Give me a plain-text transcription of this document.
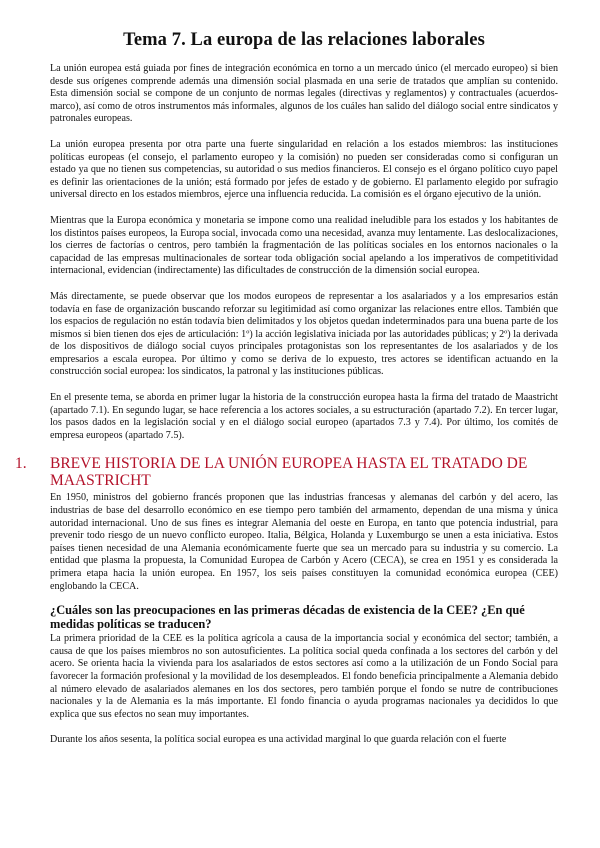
Tema 7. La europa de las relaciones laborales

La unión europea está guiada por fines de integración económica en torno a un mercado único (el mercado europeo) si bien desde sus orígenes comprende además una dimensión social plasmada en una serie de tratados que amplían su contenido. Esta dimensión social se compone de un conjunto de normas legales (directivas y reglamentos) y contractuales (acuerdos-marco), así como de otros instrumentos más informales, algunos de los cuáles han salido del diálogo social entre sindicatos y patronales europeas.

La unión europea presenta por otra parte una fuerte singularidad en relación a los estados miembros: las instituciones políticas europeas (el consejo, el parlamento europeo y la comisión) no pueden ser consideradas como si configuran un estado ya que no tienen sus competencias, su autoridad o sus medios financieros. El consejo es el órgano político cuyo papel es definir las orientaciones de la unión; está formado por jefes de estado y de gobierno. El parlamento elegido por sufragio universal directo en los estados miembros, ejerce una influencia reducida. La comisión es el órgano ejecutivo de la unión.

Mientras que la Europa económica y monetaria se impone como una realidad ineludible para los estados y los habitantes de los distintos países europeos, la Europa social, invocada como una necesidad, avanza muy lentamente. Las deslocalizaciones, los cierres de factorías o centros, pero también la fragmentación de las políticas sociales en los entornos nacionales o la capacidad de las empresas multinacionales de sortear toda obligación social apelando a los imperativos de competitividad internacional, evidencian (indirectamente) las dificultades de construcción de la dimensión social europea.

Más directamente, se puede observar que los modos europeos de representar a los asalariados y a los empresarios están todavía en fase de organización buscando reforzar su legitimidad así como organizar las relaciones entre ellos. También que los espacios de regulación no están todavía bien delimitados y los objetos quedan indeterminados para una buena parte de los mismos si bien tienen dos ejes de articulación: 1º) la acción legislativa iniciada por las autoridades públicas; y 2º) la derivada de los dispositivos de diálogo social cuyos principales protagonistas son los representantes de los asalariados y de los empresarios a escala europea. Por último y como se deriva de lo expuesto, tres actores se identifican actuando en la construcción social europea: los sindicatos, la patronal y las instituciones públicas.

En el presente tema, se aborda en primer lugar la historia de la construcción europea hasta la firma del tratado de Maastricht (apartado 7.1). En segundo lugar, se hace referencia a los actores sociales, a su estructuración (apartado 7.2). En tercer lugar, los pasos dados en la legislación social y en el diálogo social europeo (apartados 7.3 y 7.4). Por último, los comités de empresa europeos (apartado 7.5).

1.	BREVE HISTORIA DE LA UNIÓN EUROPEA HASTA EL TRATADO DE MAASTRICHT

En 1950, ministros del gobierno francés proponen que las industrias francesas y alemanas del carbón y del acero, las industrias de base del desarrollo económico en ese tiempo pero también del armamento, dependan de una misma y única autoridad internacional. Uno de sus fines es integrar Alemania del oeste en Europa, en tanto que potencia industrial, para prevenir todo riesgo de un nuevo conflicto europeo. Italia, Bélgica, Holanda y Luxemburgo se unen a esta iniciativa. Estos países tienen necesidad de una Alemania económicamente fuerte que sea un mercado para su industria y su comercio. La entidad que plasma la propuesta, la Comunidad Europea de Carbón y Acero (CECA), se crea en 1951 y es considerada la primera etapa hacia la unión europea. En 1957, los seis países constituyen la comunidad económica europea (CEE) englobando la CECA.

¿Cuáles son las preocupaciones en las primeras décadas de existencia de la CEE? ¿En qué medidas políticas se traducen?

La primera prioridad de la CEE es la política agrícola a causa de la importancia social y económica del sector; también, a causa de que los países miembros no son autosuficientes. La política social queda confinada a los sectores del carbón y del acero. Se orienta hacia la vivienda para los asalariados de estos sectores así como a la utilización de un Fondo Social para favorecer la formación profesional y la movilidad de los desempleados. El fondo beneficia principalmente a Alemania debido al número elevado de asalariados alemanes en los dos sectores, pero también porque el fondo se nutre de contribuciones nacionales y la de Alemania es la más importante. El fondo financia o ayuda programas nacionales ya decididos lo que explica que sus efectos no sean muy importantes.

Durante los años sesenta, la política social europea es una actividad marginal lo que guarda relación con el fuerte
